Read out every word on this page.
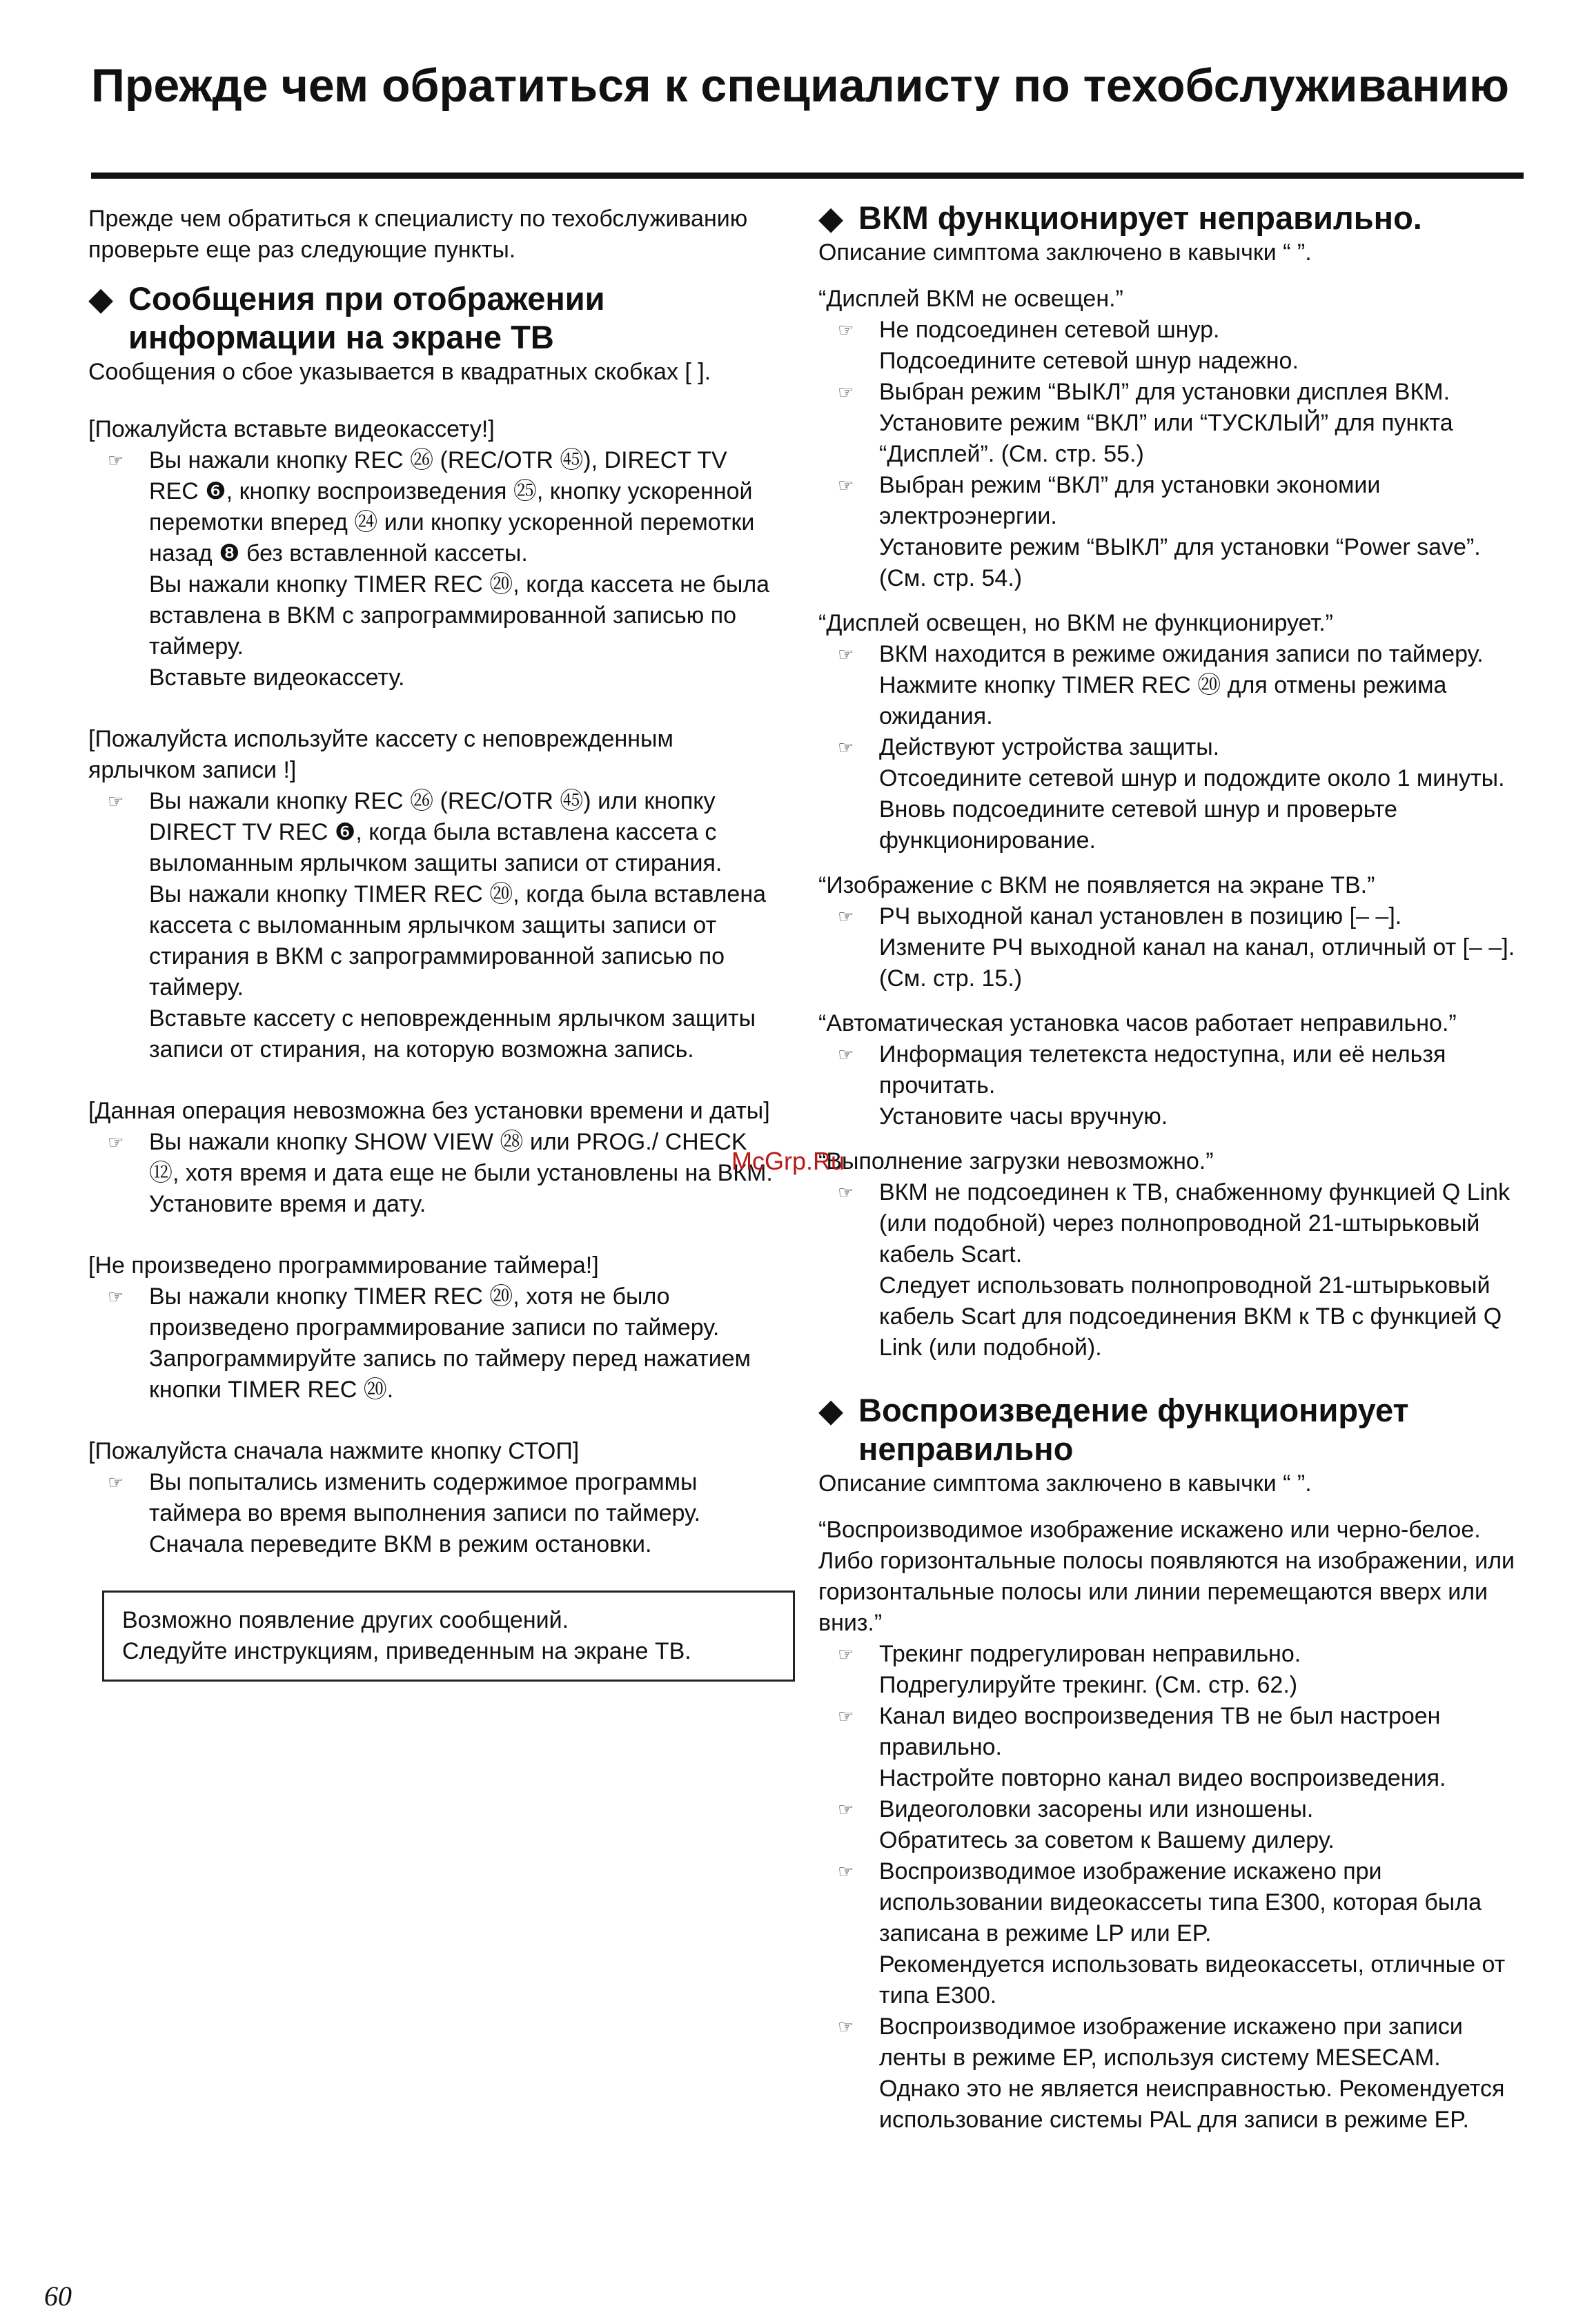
Прежде чем обратиться к специалисту по техобслуживанию

Прежде чем обратиться к специалисту по техобслуживанию проверьте еще раз следующие пункты.

◆ Сообщения при отображении информации на экране ТВ

Сообщения о сбое указывается в квадратных скобках [ ].

[Пожалуйста вставьте видеокассету!]

☞ Вы нажали кнопку REC ㉖ (REC/OTR ㊺), DIRECT TV REC ❻, кнопку воспроизведения ㉕, кнопку ускоренной перемотки вперед ㉔ или кнопку ускоренной перемотки назад ❽ без вставленной кассеты.

Вы нажали кнопку TIMER REC ⑳, когда кассета не была вставлена в ВКМ с запрограммированной записью по таймеру.

Вставьте видеокассету.

[Пожалуйста используйте кассету с неповрежденным ярлычком записи !]

☞ Вы нажали кнопку REC ㉖ (REC/OTR ㊺) или кнопку DIRECT TV REC ❻, когда была вставлена кассета с выломанным ярлычком защиты записи от стирания.

Вы нажали кнопку TIMER REC ⑳, когда была вставлена кассета с выломанным ярлычком защиты записи от стирания в ВКМ с запрограммированной записью по таймеру.

Вставьте кассету с неповрежденным ярлычком защиты записи от стирания, на которую возможна запись.

[Данная операция невозможна без установки времени и даты]

☞ Вы нажали кнопку SHOW VIEW ㉘ или PROG./ CHECK ⑫, хотя время и дата еще не были установлены на ВКМ.

Установите время и дату.

[Не произведено программирование таймера!]

☞ Вы нажали кнопку TIMER REC ⑳, хотя не было произведено программирование записи по таймеру.

Запрограммируйте запись по таймеру перед нажатием кнопки TIMER REC ⑳.

[Пожалуйста сначала нажмите кнопку СТОП]

☞ Вы попытались изменить содержимое программы таймера во время выполнения записи по таймеру.

Сначала переведите ВКМ в режим остановки.

Возможно появление других сообщений.

Следуйте инструкциям, приведенным на экране ТВ.

◆ ВКМ функционирует неправильно.

Описание симптома заключено в кавычки “ ”.

“Дисплей ВКМ не освещен.”

☞ Не подсоединен сетевой шнур.

Подсоедините сетевой шнур надежно.

☞ Выбран режим “ВЫКЛ” для установки дисплея ВКМ.

Установите режим “ВКЛ” или “ТУСКЛЫЙ” для пункта “Дисплей”. (См. стр. 55.)

☞ Выбран режим “ВКЛ” для установки экономии электроэнергии.

Установите режим “ВЫКЛ” для установки “Power save”. (См. стр. 54.)

“Дисплей освещен, но ВКМ не функционирует.”

☞ ВКМ находится в режиме ожидания записи по таймеру.

Нажмите кнопку TIMER REC ⑳ для отмены режима ожидания.

☞ Действуют устройства защиты.

Отсоедините сетевой шнур и подождите около 1 минуты. Вновь подсоедините сетевой шнур и проверьте функционирование.

“Изображение с ВКМ не появляется на экране ТВ.”

☞ РЧ выходной канал установлен в позицию [– –].

Измените РЧ выходной канал на канал, отличный от [– –]. (См. стр. 15.)

“Автоматическая установка часов работает неправильно.”

☞ Информация телетекста недоступна, или её нельзя прочитать.

Установите часы вручную.

“Выполнение загрузки невозможно.”

☞ ВКМ не подсоединен к ТВ, снабженному функцией Q Link (или подобной) через полнопроводной 21-штырьковый кабель Scart.

Следует использовать полнопроводной 21-штырьковый кабель Scart для подсоединения ВКМ к ТВ с функцией Q Link (или подобной).

◆ Воспроизведение функционирует неправильно

Описание симптома заключено в кавычки “ ”.

“Воспроизводимое изображение искажено или черно-белое. Либо горизонтальные полосы появляются на изображении, или горизонтальные полосы или линии перемещаются вверх или вниз.”

☞ Трекинг подрегулирован неправильно.

Подрегулируйте трекинг. (См. стр. 62.)

☞ Канал видео воспроизведения ТВ не был настроен правильно.

Настройте повторно канал видео воспроизведения.

☞ Видеоголовки засорены или изношены.

Обратитесь за советом к Вашему дилеру.

☞ Воспроизводимое изображение искажено при использовании видеокассеты типа E300, которая была записана в режиме LP или EP.

Рекомендуется использовать видеокассеты, отличные от типа E300.

☞ Воспроизводимое изображение искажено при записи ленты в режиме EP, используя систему MESECAM.

Однако это не является неисправностью. Рекомендуется использование системы PAL для записи в режиме EP.

McGrp.Ru
60
